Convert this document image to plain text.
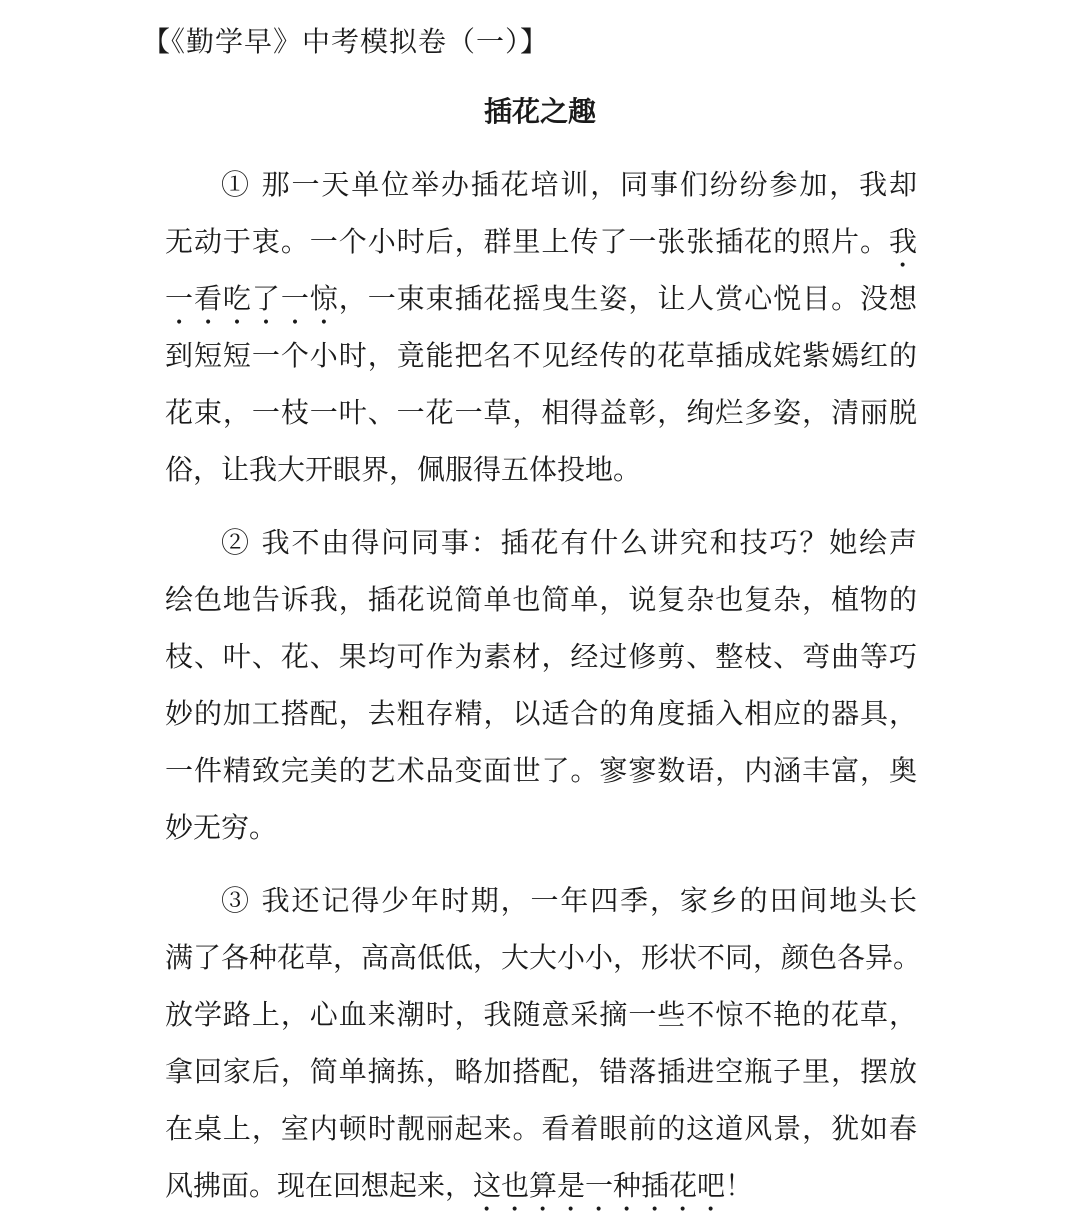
【《勤学早》中考模拟卷（一）】
插花之趣
① 那一天单位举办插花培训，同事们纷纷参加，我却
无动于衷。一个小时后，群里上传了一张张插花的照片。我
一看吃了一惊，一束束插花摇曳生姿，让人赏心悦目。没想
到短短一个小时，竟能把名不见经传的花草插成姹紫嫣红的
花束，一枝一叶、一花一草，相得益彰，绚烂多姿，清丽脱
俗，让我大开眼界，佩服得五体投地。
② 我不由得问同事：插花有什么讲究和技巧？她绘声
绘色地告诉我，插花说简单也简单，说复杂也复杂，植物的
枝、叶、花、果均可作为素材，经过修剪、整枝、弯曲等巧
妙的加工搭配，去粗存精，以适合的角度插入相应的器具，
一件精致完美的艺术品变面世了。寥寥数语，内涵丰富，奥
妙无穷。
③ 我还记得少年时期，一年四季，家乡的田间地头长
满了各种花草，高高低低，大大小小，形状不同，颜色各异。
放学路上，心血来潮时，我随意采摘一些不惊不艳的花草，
拿回家后，简单摘拣，略加搭配，错落插进空瓶子里，摆放
在桌上，室内顿时靓丽起来。看着眼前的这道风景，犹如春
风拂面。现在回想起来，这也算是一种插花吧！
